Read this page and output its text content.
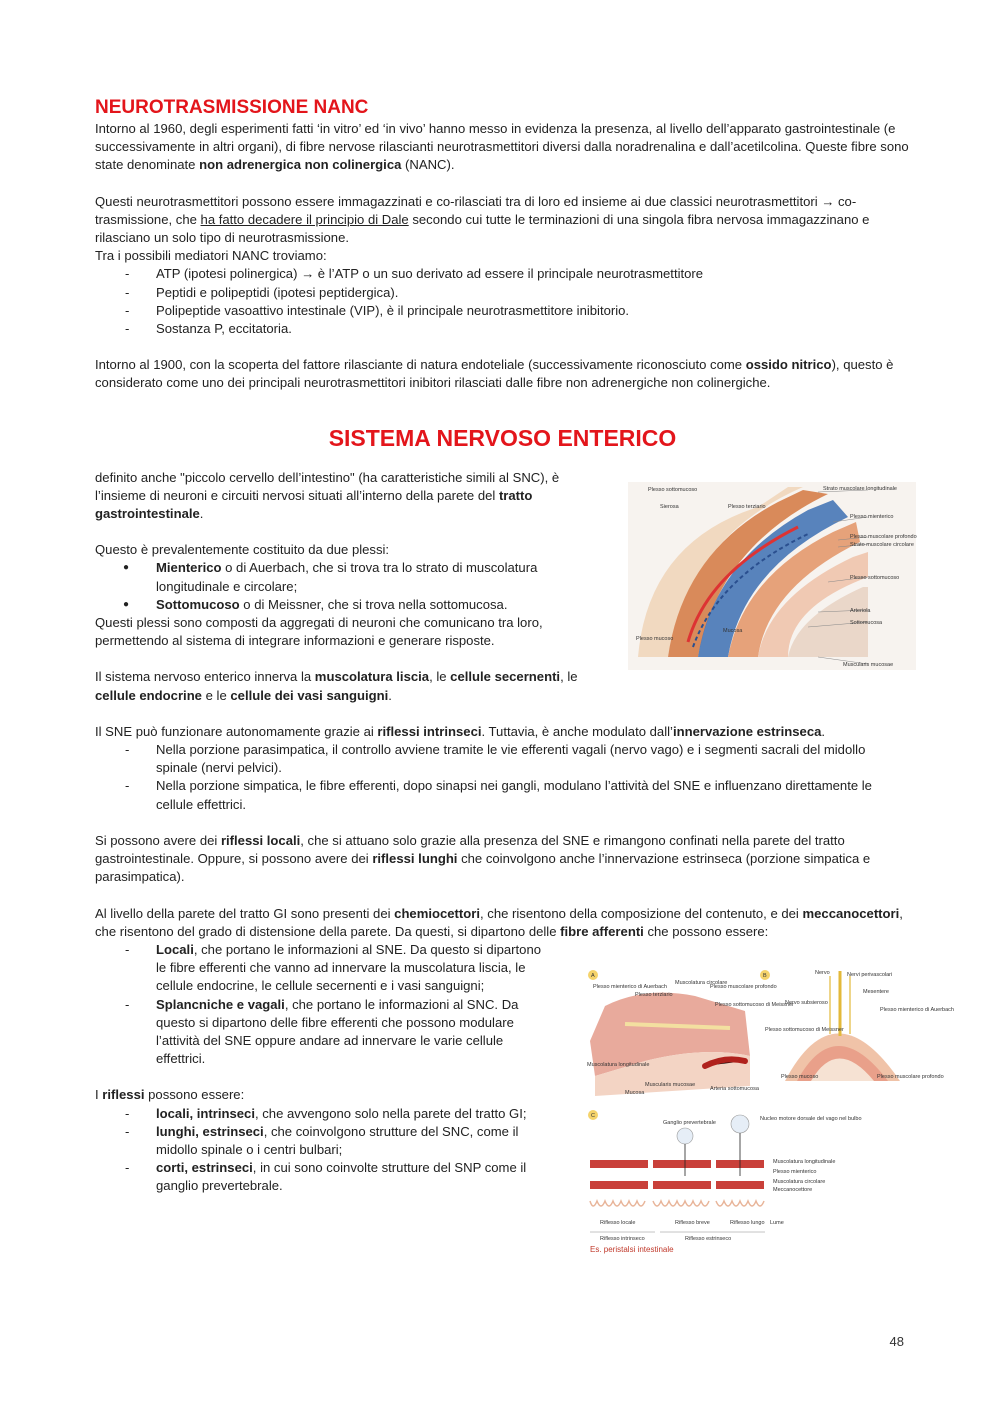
NEUROTRASMISSIONE NANC

Intorno al 1960, degli esperimenti fatti ‘in vitro’ ed ‘in vivo’ hanno messo in evidenza la presenza, al livello dell’apparato gastrointestinale (e successivamente in altri organi), di fibre nervose rilascianti neurotrasmettitori diversi dalla noradrenalina e dall’acetilcolina. Queste fibre sono state denominate non adrenergica non colinergica (NANC).

Questi neurotrasmettitori possono essere immagazzinati e co-rilasciati tra di loro ed insieme ai due classici neurotrasmettitori → co-trasmissione, che ha fatto decadere il principio di Dale secondo cui tutte le terminazioni di una singola fibra nervosa immagazzinano e rilasciano un solo tipo di neurotrasmissione.

Tra i possibili mediatori NANC troviamo:

- ATP (ipotesi polinergica) → è l’ATP o un suo derivato ad essere il principale neurotrasmettitore
- Peptidi e polipeptidi (ipotesi peptidergica).
- Polipeptide vasoattivo intestinale (VIP), è il principale neurotrasmettitore inibitorio.
- Sostanza P, eccitatoria.

Intorno al 1900, con la scoperta del fattore rilasciante di natura endoteliale (successivamente riconosciuto come ossido nitrico), questo è considerato come uno dei principali neurotrasmettitori inibitori rilasciati dalle fibre non adrenergiche non colinergiche.

SISTEMA NERVOSO ENTERICO

definito anche "piccolo cervello dell’intestino" (ha caratteristiche simili al SNC), è l’insieme di neuroni e circuiti nervosi situati all’interno della parete del tratto gastrointestinale.

Questo è prevalentemente costituito da due plessi:

● Mienterico o di Auerbach, che si trova tra lo strato di muscolatura longitudinale e circolare;
● Sottomucoso o di Meissner, che si trova nella sottomucosa.

Questi plessi sono composti da aggregati di neuroni che comunicano tra loro, permettendo al sistema di integrare informazioni e generare risposte.

Il sistema nervoso enterico innerva la muscolatura liscia, le cellule secernenti, le cellule endocrine e le cellule dei vasi sanguigni.

Il SNE può funzionare autonomamente grazie ai riflessi intrinseci. Tuttavia, è anche modulato dall’innervazione estrinseca.

- Nella porzione parasimpatica, il controllo avviene tramite le vie efferenti vagali (nervo vago) e i segmenti sacrali del midollo spinale (nervi pelvici).
- Nella porzione simpatica, le fibre efferenti, dopo sinapsi nei gangli, modulano l’attività del SNE e influenzano direttamente le cellule effettrici.

Si possono avere dei riflessi locali, che si attuano solo grazie alla presenza del SNE e rimangono confinati nella parete del tratto gastrointestinale. Oppure, si possono avere dei riflessi lunghi che coinvolgono anche l’innervazione estrinseca (porzione simpatica e parasimpatica).

Al livello della parete del tratto GI sono presenti dei chemiocettori, che risentono della composizione del contenuto, e dei meccanocettori, che risentono del grado di distensione della parete. Da questi, si dipartono delle fibre afferenti che possono essere:

- Locali, che portano le informazioni al SNE. Da questo si dipartono le fibre efferenti che vanno ad innervare la muscolatura liscia, le cellule endocrine, le cellule secernenti e i vasi sanguigni;
- Splancniche e vagali, che portano le informazioni al SNC. Da questo si dipartono delle fibre efferenti che possono modulare l’attività del SNE oppure andare ad innervare le varie cellule effettrici.

I riflessi possono essere:

- locali, intrinseci, che avvengono solo nella parete del tratto GI;
- lunghi, estrinseci, che coinvolgono strutture del SNC, come il midollo spinale o i centri bulbari;
- corti, estrinseci, in cui sono coinvolte strutture del SNP come il ganglio prevertebrale.
Plesso sottomucoso
Sierosa
Strato muscolare longitudinale
Plesso mienterico
Plesso muscolare profondo
Strato muscolare circolare
Plesso sottomucoso
Arteriola
Sottomucosa
Plesso mucoso
Mucosa
Muscularis mucosae
Plesso terziario
A
Plesso mienterico di Auerbach
Muscolatura circolare
Plesso muscolare profondo
Plesso terziario
Plesso sottomucoso di Meissner
Muscolatura longitudinale
Muscularis mucosae
Mucosa
Arteria sottomucosa
B	Nervi perivascolari
Nervo
Mesentere
Nervo subsieroso
Plesso sottomucoso di Meissner
Plesso mienterico di Auerbach
Plesso muscolare profondo
Plesso mucoso
C
Ganglio prevertebrale
Nucleo motore dorsale del vago nel bulbo
Muscolatura longitudinale
Plesso mienterico
Muscolatura circolare
Meccanocettore
Riflesso locale	Riflesso breve	Riflesso lungo Lume
Riflesso intrinseco	Riflesso estrinseco
Es. peristalsi intestinale
48
